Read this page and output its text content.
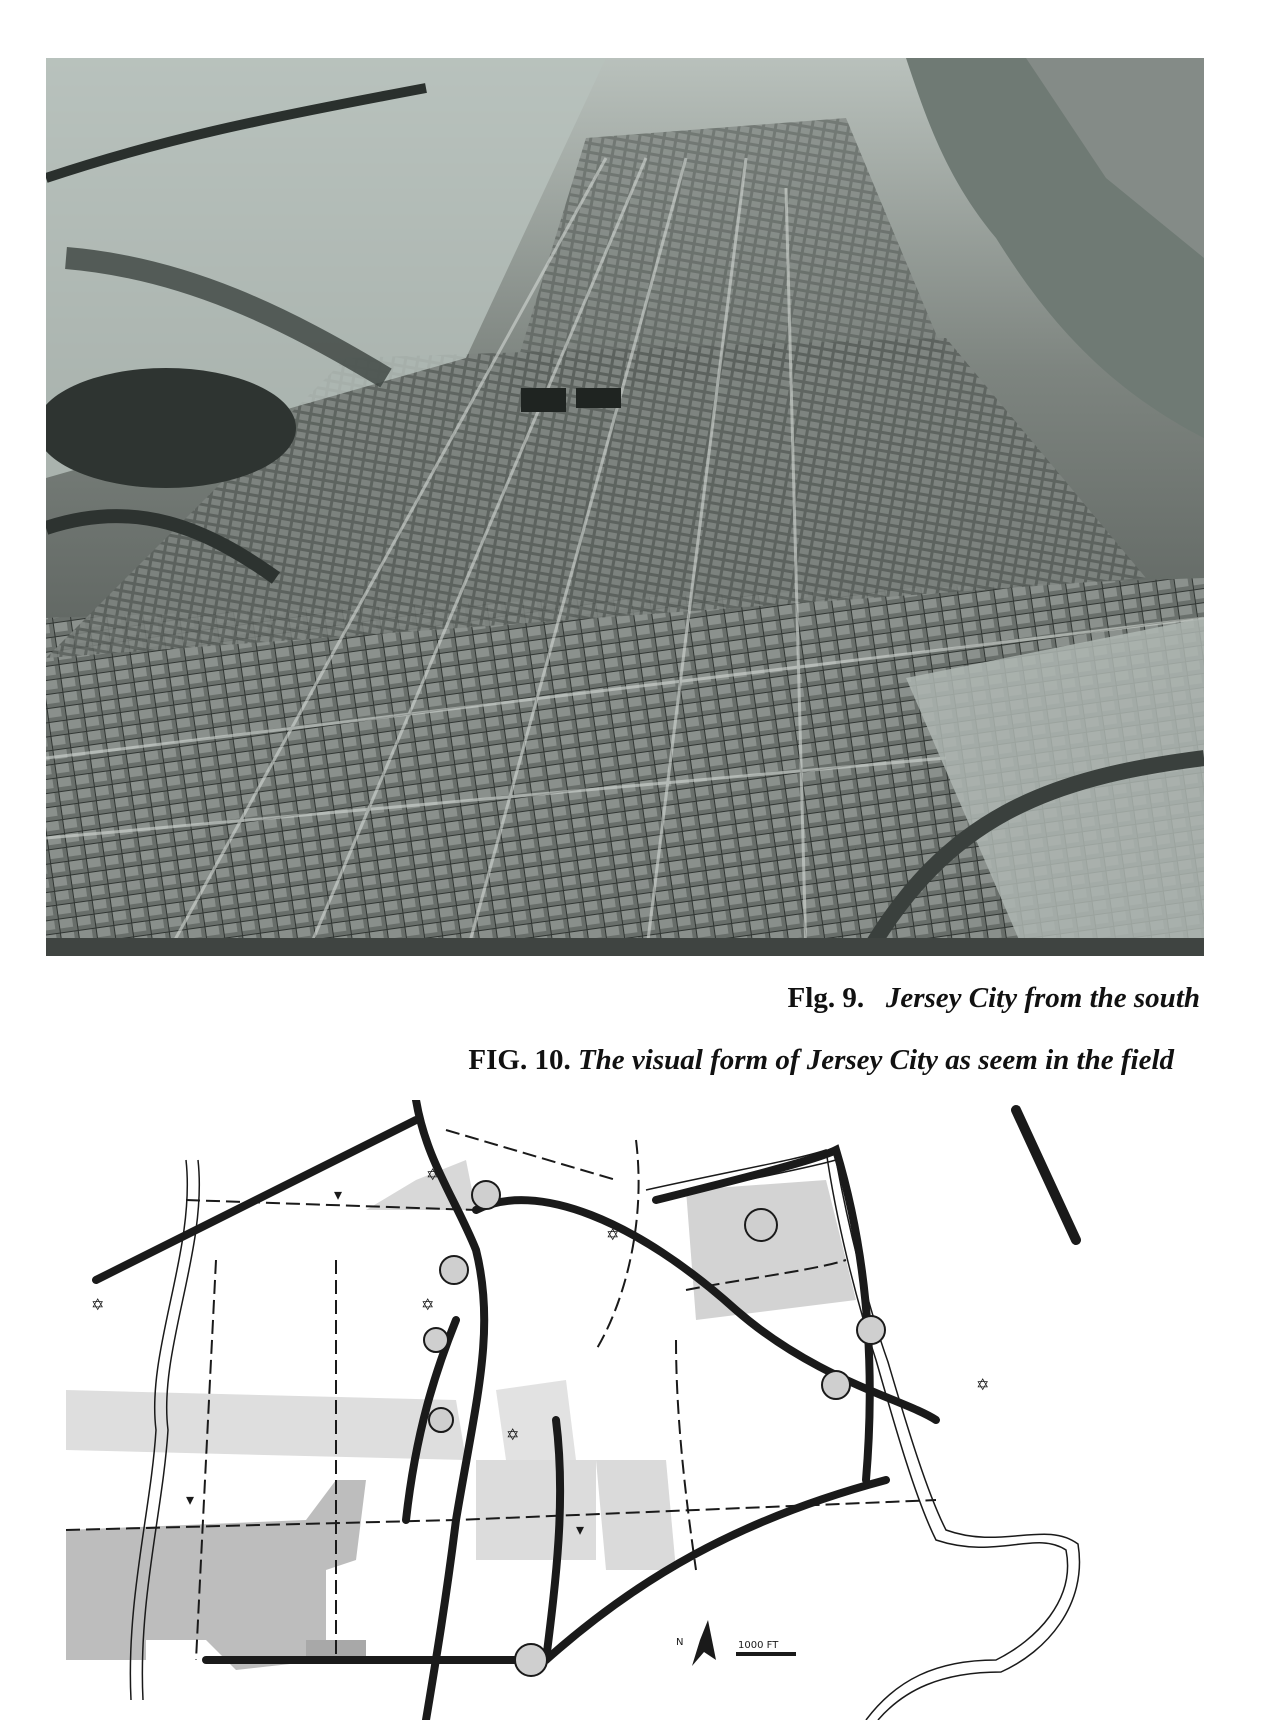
Flg. 9. Jersey City from the south

FIG. 10. The visual form of Jersey City as seem in the field

✡
✡
✡
✡
✡
✡
▾
▾
▾
N	1000 FT
